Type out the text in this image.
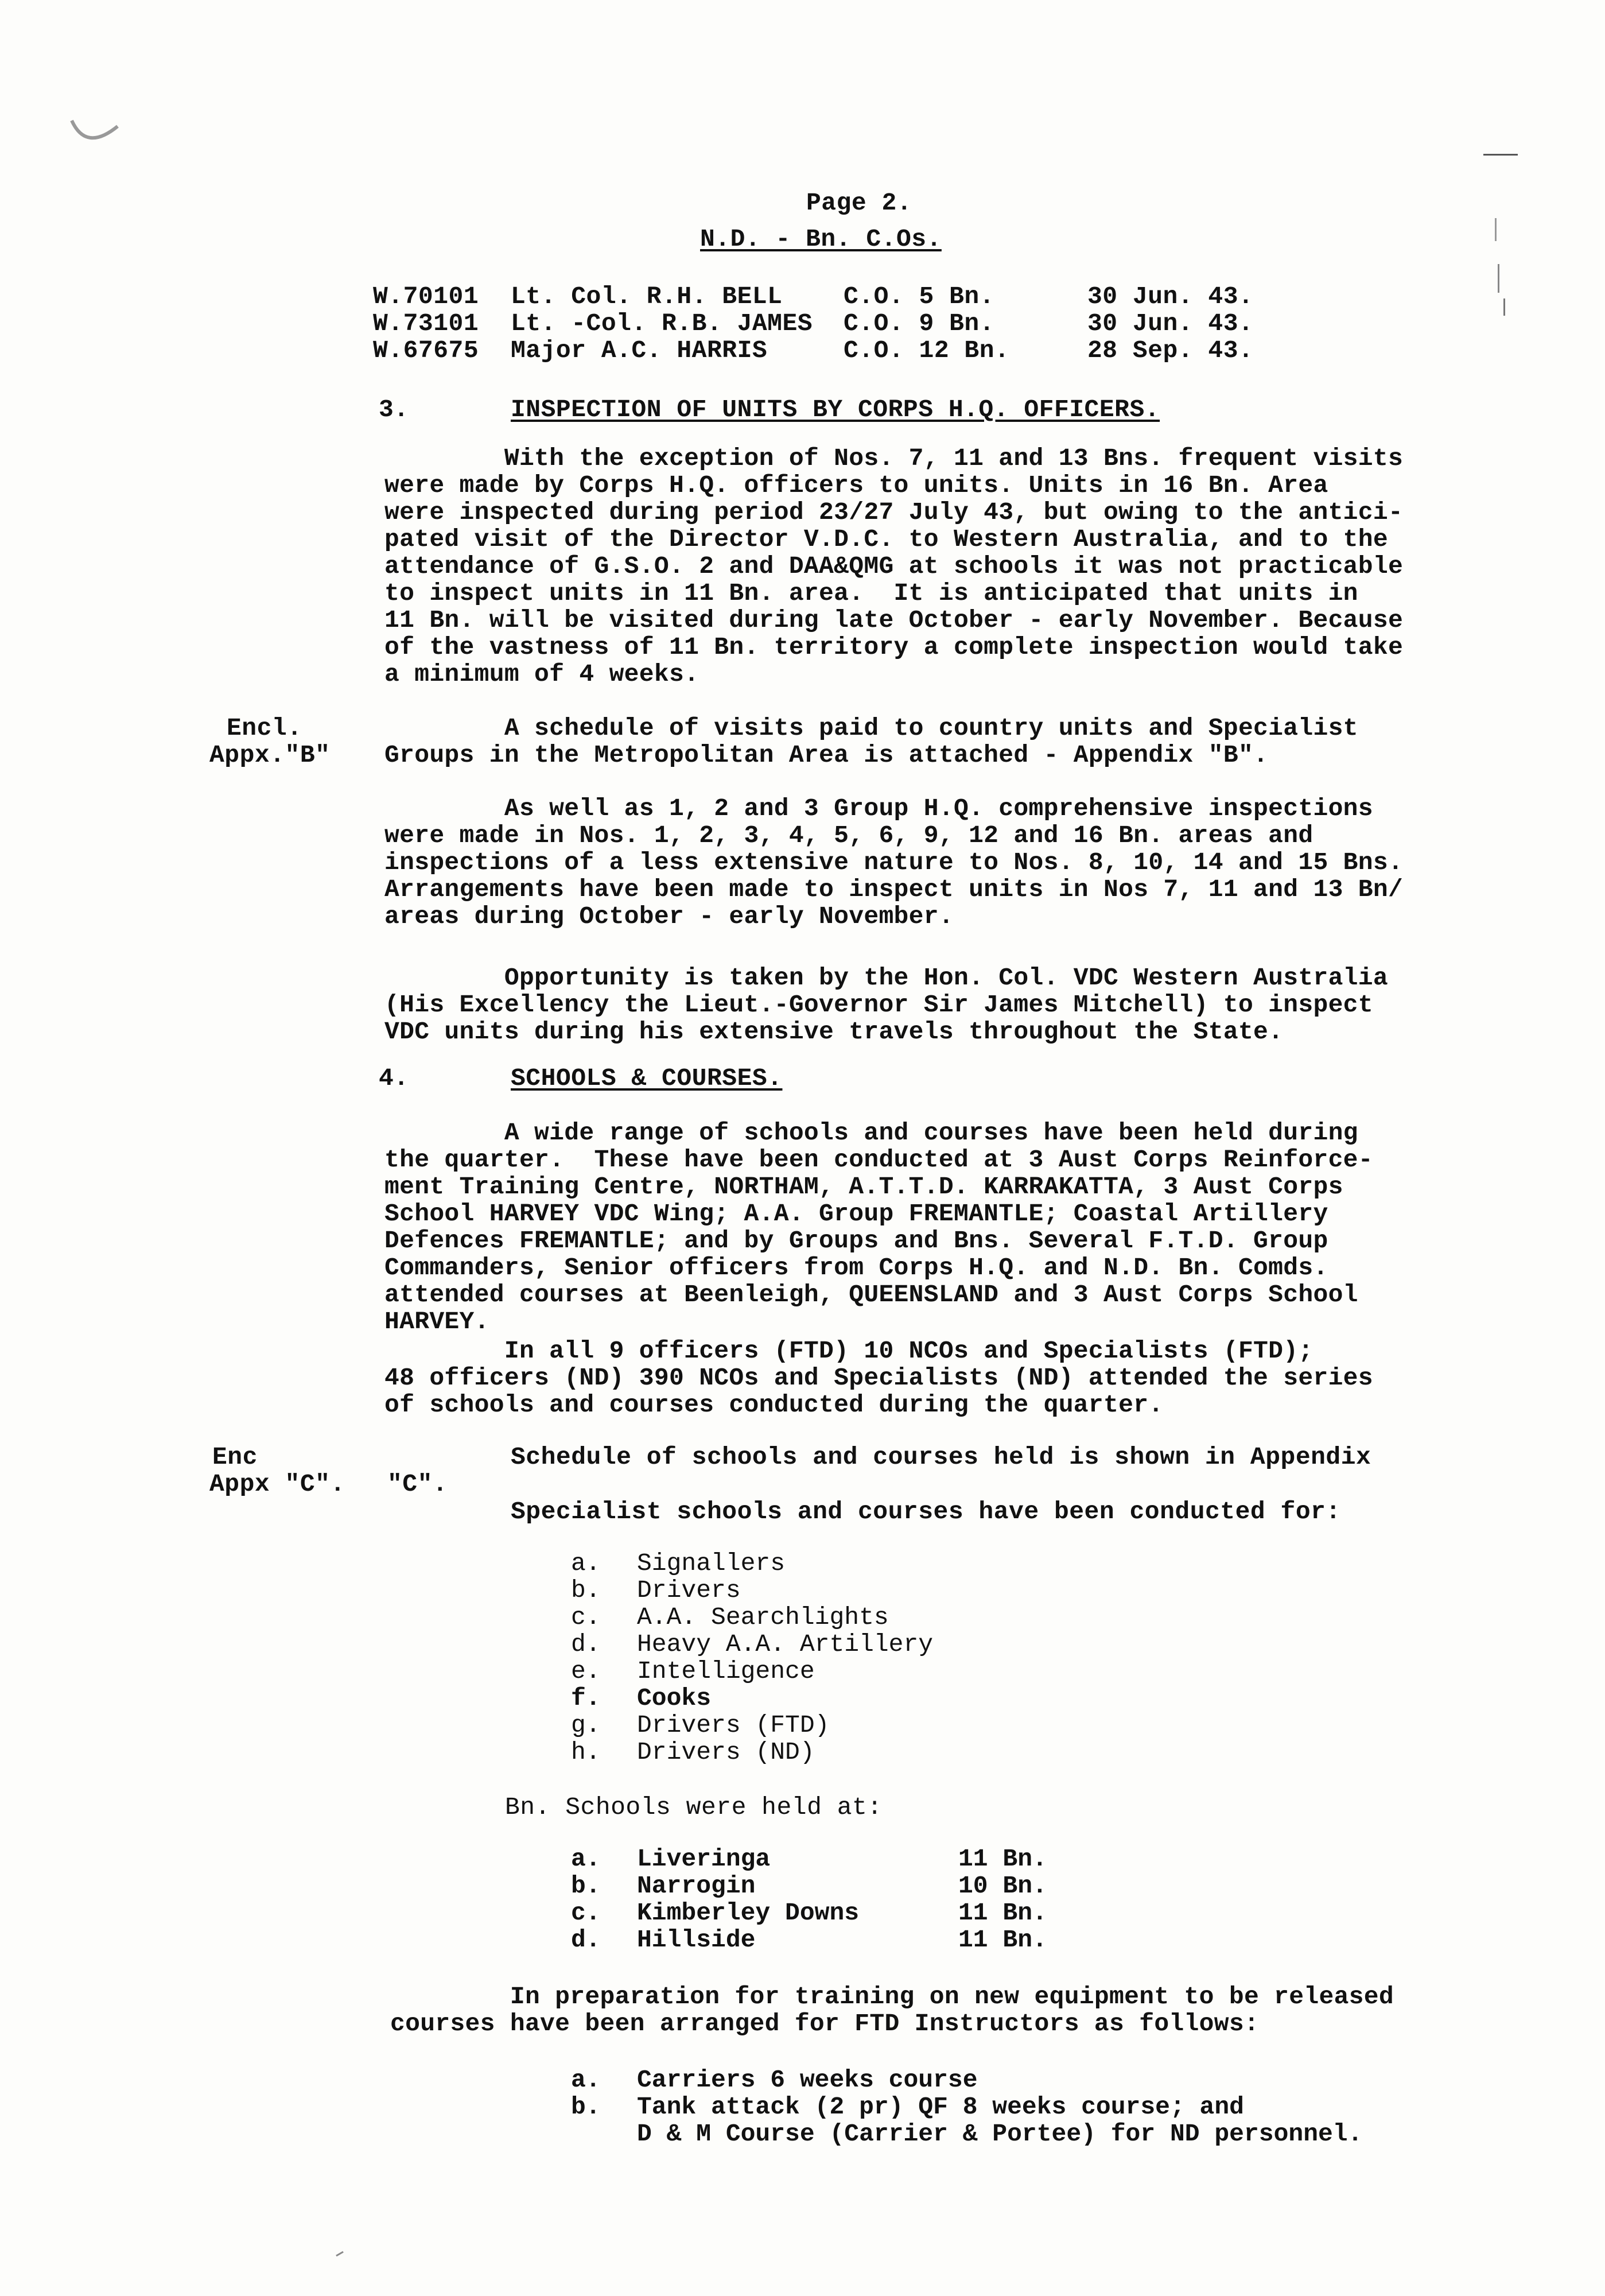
Page 2.
N.D. - Bn. C.Os.
W.70101 Lt. Col. R.H. BELL C.O. 5 Bn.	30 Jun. 43.
W.73101 Lt. -Col. R.B. JAMES C.O. 9 Bn.	30 Jun. 43.
W.67675 Major A.C. HARRIS	C.O. 12 Bn.	28 Sep. 43.
3.	INSPECTION OF UNITS BY CORPS H.Q. OFFICERS.
With the exception of Nos. 7, 11 and 13 Bns. frequent visits
were made by Corps H.Q. officers to units. Units in 16 Bn. Area
were inspected during period 23/27 July 43, but owing to the antici-
pated visit of the Director V.D.C. to Western Australia, and to the
attendance of G.S.O. 2 and DAA&QMG at schools it was not practicable
to inspect units in 11 Bn. area.  It is anticipated that units in
11 Bn. will be visited during late October - early November. Because
of the vastness of 11 Bn. territory a complete inspection would take
a minimum of 4 weeks.
Encl.
Appx."B"
A schedule of visits paid to country units and Specialist
Groups in the Metropolitan Area is attached - Appendix "B".
As well as 1, 2 and 3 Group H.Q. comprehensive inspections
were made in Nos. 1, 2, 3, 4, 5, 6, 9, 12 and 16 Bn. areas and
inspections of a less extensive nature to Nos. 8, 10, 14 and 15 Bns.
Arrangements have been made to inspect units in Nos 7, 11 and 13 Bn/
areas during October - early November.
Opportunity is taken by the Hon. Col. VDC Western Australia
(His Excellency the Lieut.-Governor Sir James Mitchell) to inspect
VDC units during his extensive travels throughout the State.
4.	SCHOOLS & COURSES.
A wide range of schools and courses have been held during
the quarter.  These have been conducted at 3 Aust Corps Reinforce-
ment Training Centre, NORTHAM, A.T.T.D. KARRAKATTA, 3 Aust Corps
School HARVEY VDC Wing; A.A. Group FREMANTLE; Coastal Artillery
Defences FREMANTLE; and by Groups and Bns. Several F.T.D. Group
Commanders, Senior officers from Corps H.Q. and N.D. Bn. Comds.
attended courses at Beenleigh, QUEENSLAND and 3 Aust Corps School
HARVEY.
In all 9 officers (FTD) 10 NCOs and Specialists (FTD);
48 officers (ND) 390 NCOs and Specialists (ND) attended the series
of schools and courses conducted during the quarter.
Enc
Appx "C".
Schedule of schools and courses held is shown in Appendix
"C".
Specialist schools and courses have been conducted for:
a. Signallers
b. Drivers
c. A.A. Searchlights
d. Heavy A.A. Artillery
e. Intelligence
f. Cooks
g. Drivers (FTD)
h. Drivers (ND)
Bn. Schools were held at:
a. Liveringa	11 Bn.
b. Narrogin	10 Bn.
c. Kimberley Downs	11 Bn.
d. Hillside	11 Bn.
In preparation for training on new equipment to be released
courses have been arranged for FTD Instructors as follows:
a. Carriers 6 weeks course
b. Tank attack (2 pr) QF 8 weeks course; and
D & M Course (Carrier & Portee) for ND personnel.
